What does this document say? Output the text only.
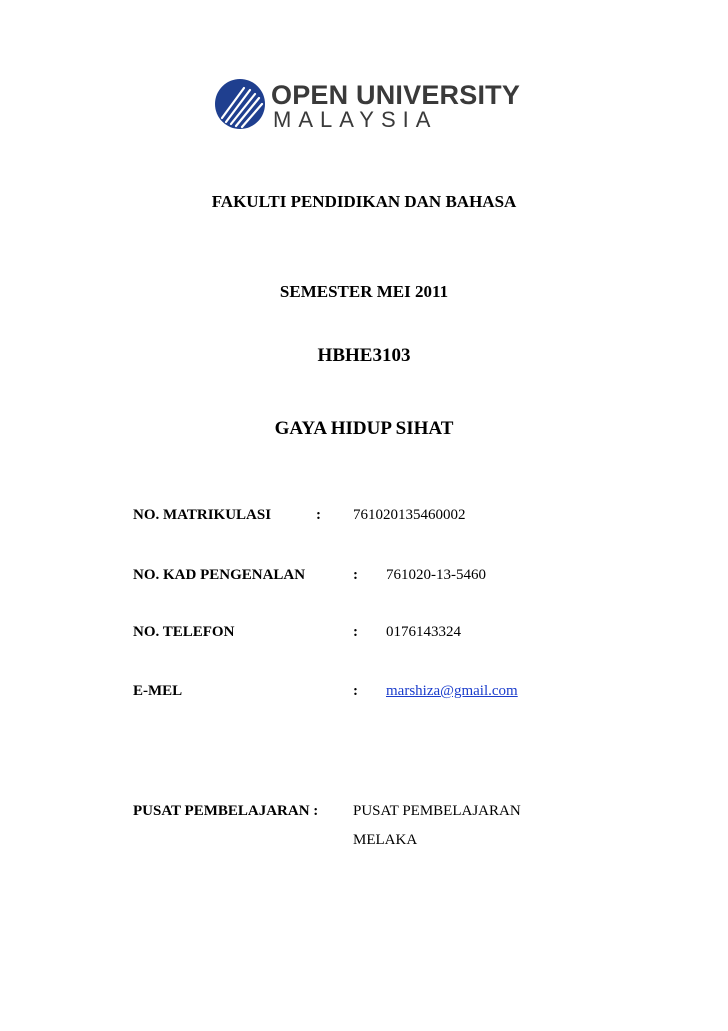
OPEN UNIVERSITY
MALAYSIA
FAKULTI PENDIDIKAN DAN BAHASA
SEMESTER MEI 2011
HBHE3103
GAYA HIDUP SIHAT
NO. MATRIKULASI	: 761020135460002
NO. KAD PENGENALAN	: 761020-13-5460
NO. TELEFON	: 0176143324
E-MEL	: marshiza@gmail.com
PUSAT PEMBELAJARAN : PUSAT PEMBELAJARAN
MELAKA
